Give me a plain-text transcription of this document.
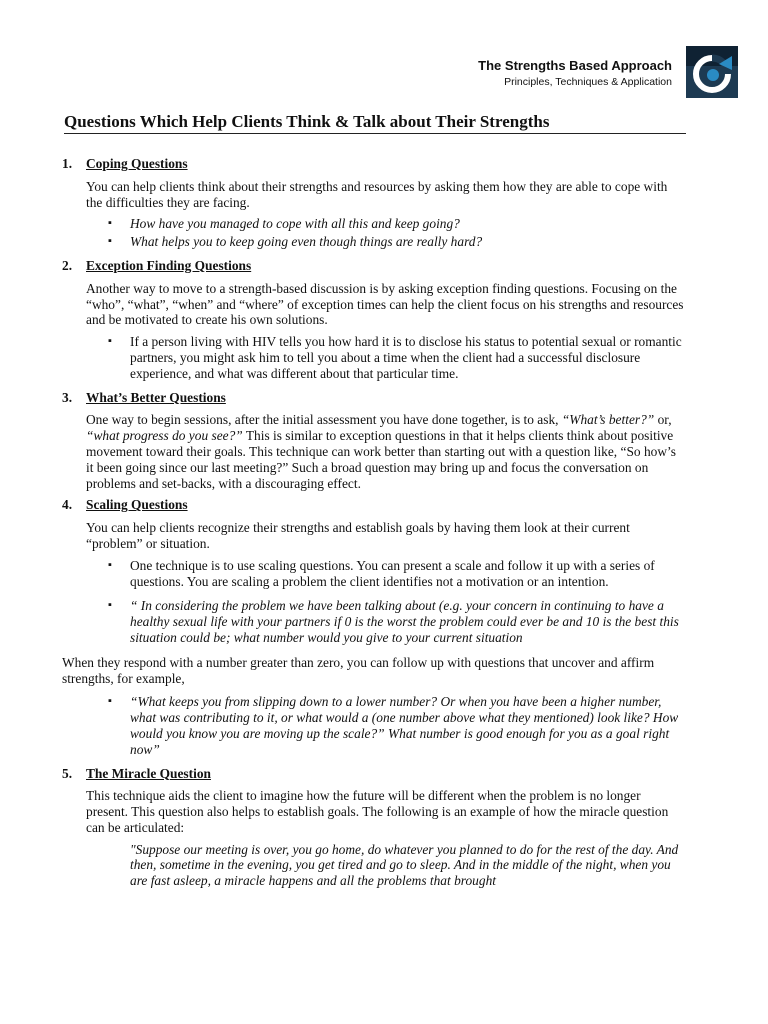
The Strengths Based Approach
Principles, Techniques & Application
Questions Which Help Clients Think & Talk about Their Strengths
1.	Coping Questions
You can help clients think about their strengths and resources by asking them how they are able to cope with the difficulties they are facing.
▪ How have you managed to cope with all this and keep going?
▪ What helps you to keep going even though things are really hard?
2.	Exception Finding Questions
Another way to move to a strength-based discussion is by asking exception finding questions. Focusing on the “who”, “what”, “when” and “where” of exception times can help the client focus on his strengths and resources and be motivated to create his own solutions.
▪ If a person living with HIV tells you how hard it is to disclose his status to potential sexual or romantic partners, you might ask him to tell you about a time when the client had a successful disclosure experience, and what was different about that particular time.
3.	What’s Better Questions
One way to begin sessions, after the initial assessment you have done together, is to ask, “What’s better?” or, “what progress do you see?” This is similar to exception questions in that it helps clients think about positive movement toward their goals. This technique can work better than starting out with a question like, “So how’s it been going since our last meeting?” Such a broad question may bring up and focus the conversation on problems and set-backs, with a discouraging effect.
4.	Scaling Questions
You can help clients recognize their strengths and establish goals by having them look at their current “problem” or situation.
▪ One technique is to use scaling questions. You can present a scale and follow it up with a series of questions. You are scaling a problem the client identifies not a motivation or an intention.
▪ “ In considering the problem we have been talking about (e.g. your concern in continuing to have a healthy sexual life with your partners if 0 is the worst the problem could ever be and 10 is the best this situation could be; what number would you give to your current situation
When they respond with a number greater than zero, you can follow up with questions that uncover and affirm strengths, for example,
▪ “What keeps you from slipping down to a lower number? Or when you have been a higher number, what was contributing to it, or what would a (one number above what they mentioned) look like? How would you know you are moving up the scale?” What number is good enough for you as a goal right now”
5.	The Miracle Question
This technique aids the client to imagine how the future will be different when the problem is no longer present. This question also helps to establish goals. The following is an example of how the miracle question can be articulated:
"Suppose our meeting is over, you go home, do whatever you planned to do for the rest of the day. And then, sometime in the evening, you get tired and go to sleep. And in the middle of the night, when you are fast asleep, a miracle happens and all the problems that brought
